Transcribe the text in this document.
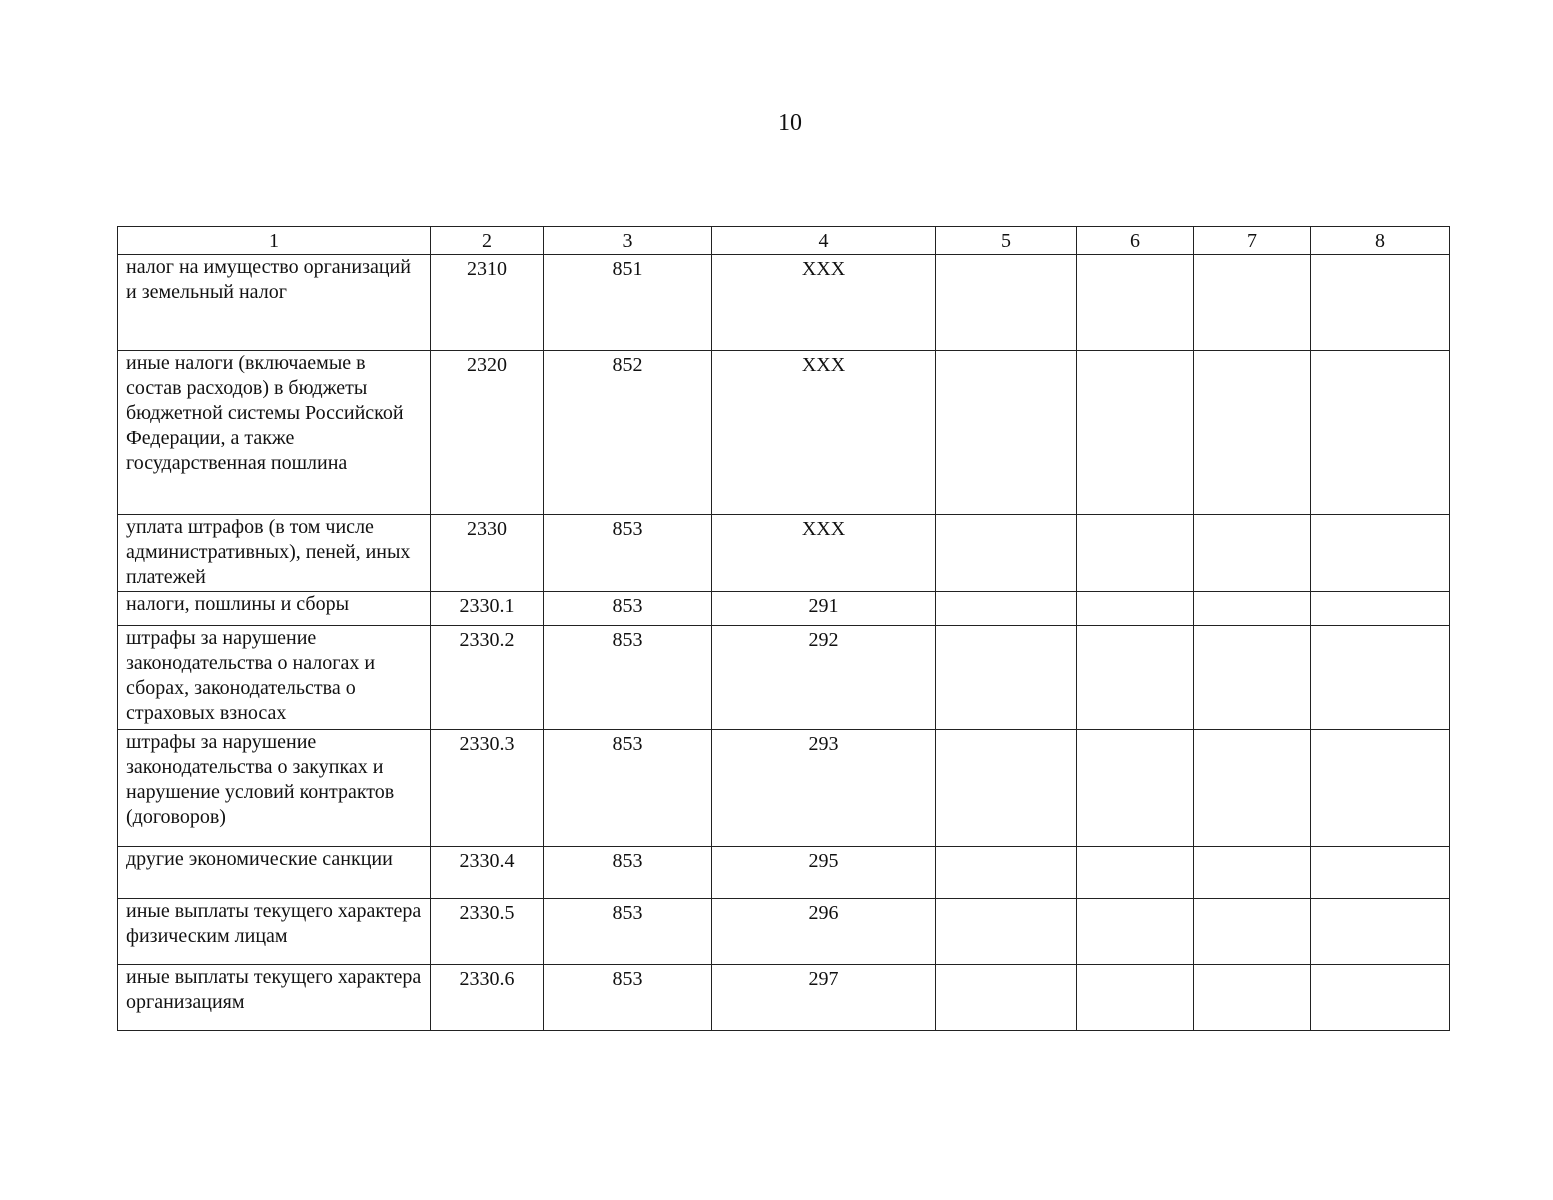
10
1	2	3	4	5	6	7	8
налог на имущество организаций и земельный налог	2310	851	XXX				
иные налоги (включаемые в состав расходов) в бюджеты бюджетной системы Российской Федерации, а также государственная пошлина	2320	852	XXX				
уплата штрафов (в том числе административных), пеней, иных платежей	2330	853	XXX				
налоги, пошлины и сборы	2330.1	853	291				
штрафы за нарушение законодательства о налогах и сборах, законодательства о страховых взносах	2330.2	853	292				
штрафы за нарушение законодательства о закупках и нарушение условий контрактов (договоров)	2330.3	853	293				
другие экономические санкции	2330.4	853	295				
иные выплаты текущего характера физическим лицам	2330.5	853	296				
иные выплаты текущего характера организациям	2330.6	853	297				
